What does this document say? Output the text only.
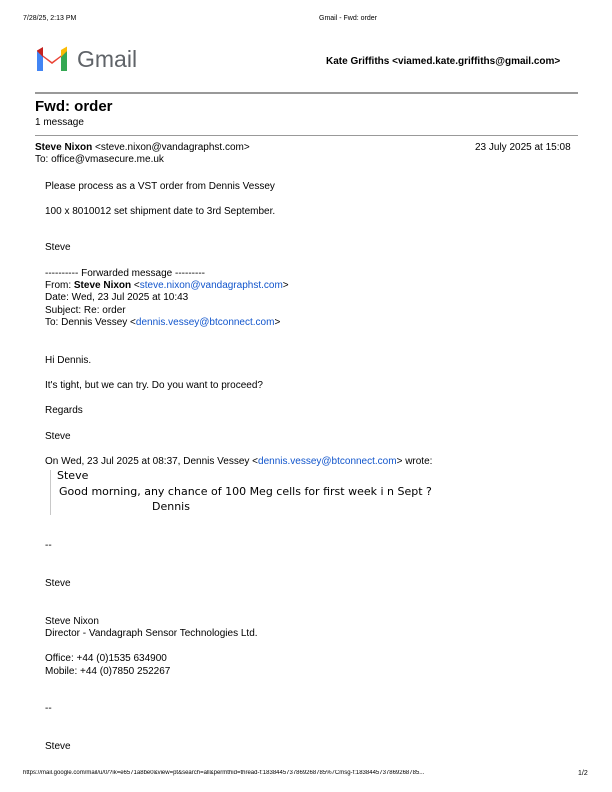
7/28/25, 2:13 PM	Gmail - Fwd: order
Gmail	Kate Griffiths <viamed.kate.griffiths@gmail.com>
Fwd: order
1 message
Steve Nixon <steve.nixon@vandagraphst.com>	23 July 2025 at 15:08
To: office@vmasecure.me.uk
Please process as a VST order from Dennis Vessey
100 x 8010012 set shipment date to 3rd September.
Steve
---------- Forwarded message ---------
From: Steve Nixon <steve.nixon@vandagraphst.com>
Date: Wed, 23 Jul 2025 at 10:43
Subject: Re: order
To: Dennis Vessey <dennis.vessey@btconnect.com>
Hi Dennis.
It's tight, but we can try. Do you want to proceed?
Regards
Steve
On Wed, 23 Jul 2025 at 08:37, Dennis Vessey <dennis.vessey@btconnect.com> wrote:
Steve
Good morning, any chance of 100 Meg cells for first week i n Sept ?
Dennis
--
Steve
Steve Nixon
Director - Vandagraph Sensor Technologies Ltd.
Office: +44 (0)1535 634900
Mobile: +44 (0)7850 252267
--
Steve
https://mail.google.com/mail/u/0/?ik=e6571a8be0&view=pt&search=all&permthid=thread-f:1838445737869268785%7Cmsg-f:1838445737869268785...	1/2
